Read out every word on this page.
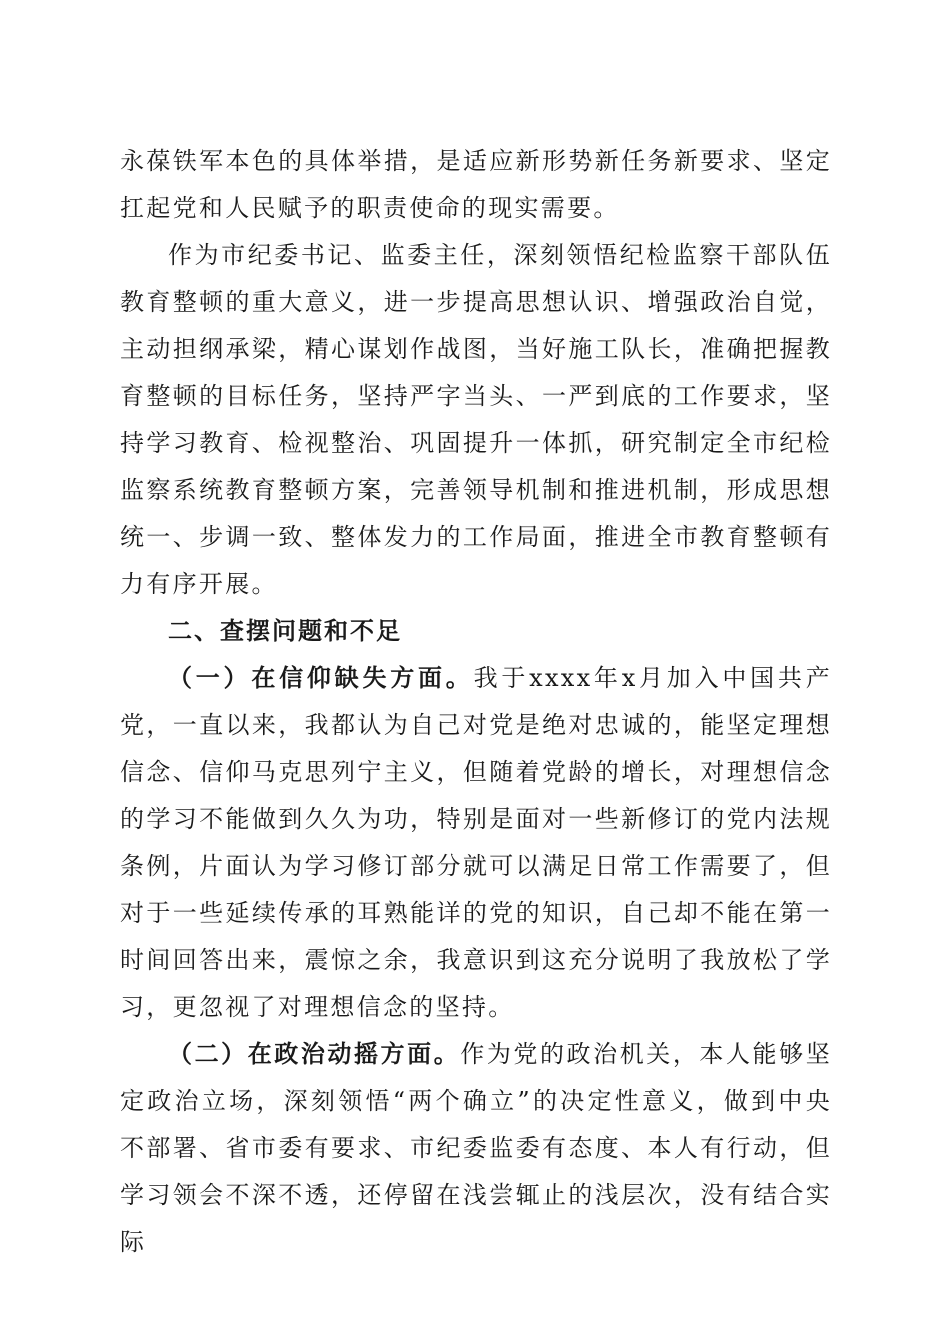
永葆铁军本色的具体举措，是适应新形势新任务新要求、坚定扛起党和人民赋予的职责使命的现实需要。

作为市纪委书记、监委主任，深刻领悟纪检监察干部队伍教育整顿的重大意义，进一步提高思想认识、增强政治自觉，主动担纲承梁，精心谋划作战图，当好施工队长，准确把握教育整顿的目标任务，坚持严字当头、一严到底的工作要求，坚持学习教育、检视整治、巩固提升一体抓，研究制定全市纪检监察系统教育整顿方案，完善领导机制和推进机制，形成思想统一、步调一致、整体发力的工作局面，推进全市教育整顿有力有序开展。

二、查摆问题和不足

（一）在信仰缺失方面。我于xxxx年x月加入中国共产党，一直以来，我都认为自己对党是绝对忠诚的，能坚定理想信念、信仰马克思列宁主义，但随着党龄的增长，对理想信念的学习不能做到久久为功，特别是面对一些新修订的党内法规条例，片面认为学习修订部分就可以满足日常工作需要了，但对于一些延续传承的耳熟能详的党的知识，自己却不能在第一时间回答出来，震惊之余，我意识到这充分说明了我放松了学习，更忽视了对理想信念的坚持。

（二）在政治动摇方面。作为党的政治机关，本人能够坚定政治立场，深刻领悟“两个确立”的决定性意义，做到中央不部署、省市委有要求、市纪委监委有态度、本人有行动，但学习领会不深不透，还停留在浅尝辄止的浅层次，没有结合实际
